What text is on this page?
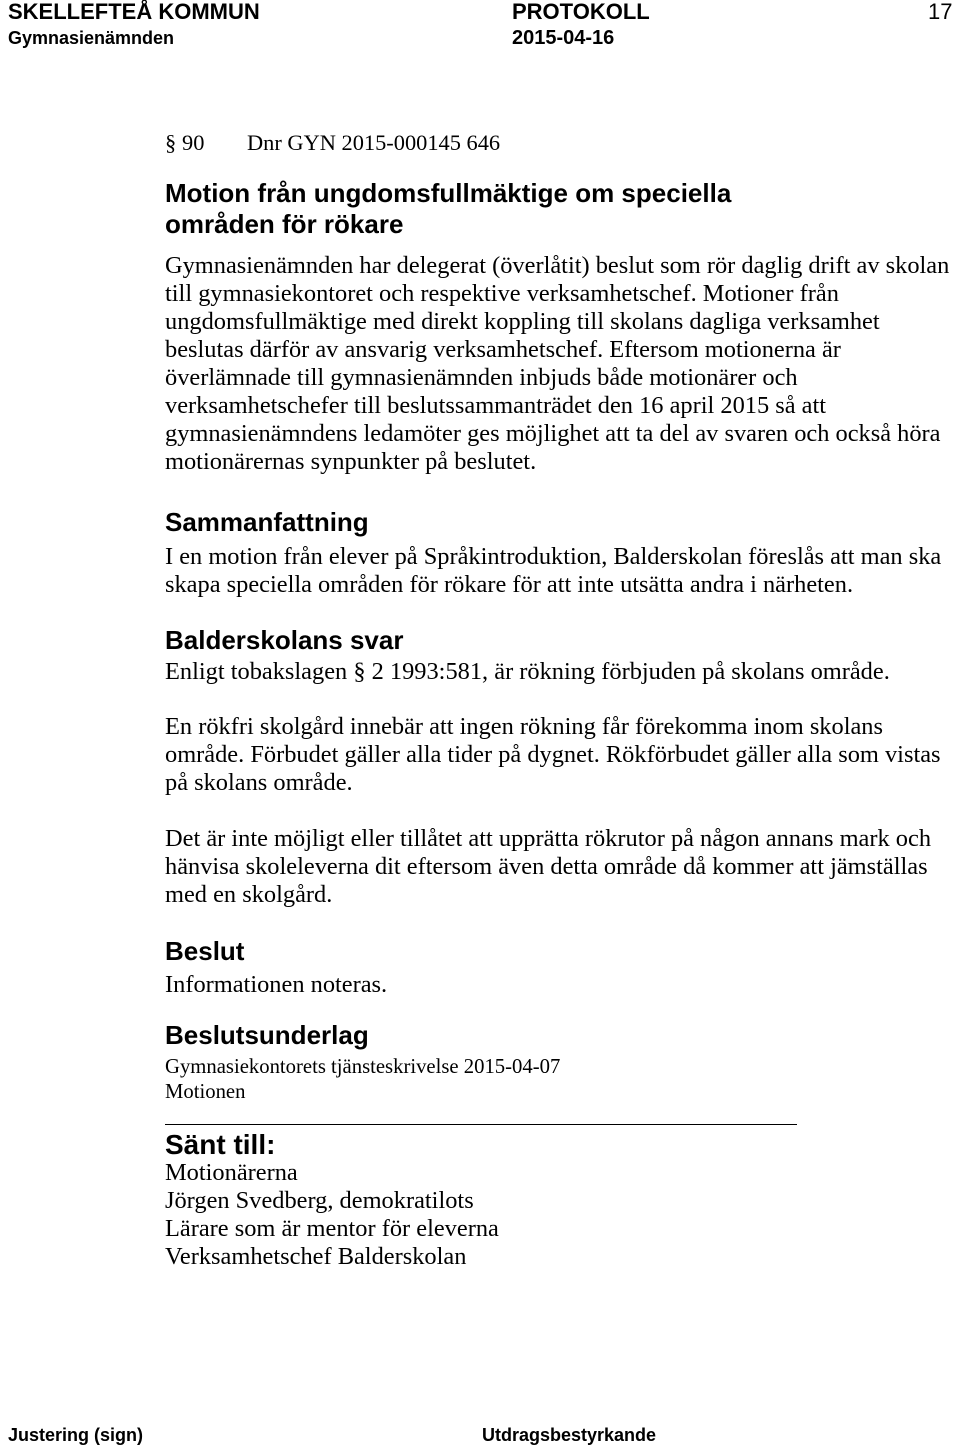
SKELLEFTEÅ KOMMUN	PROTOKOLL	17
Gymnasienämnden	2015-04-16
§ 90 Dnr GYN 2015-000145 646
Motion från ungdomsfullmäktige om speciella
områden för rökare
Gymnasienämnden har delegerat (överlåtit) beslut som rör daglig drift av skolan
till gymnasiekontoret och respektive verksamhetschef. Motioner från
ungdomsfullmäktige med direkt koppling till skolans dagliga verksamhet
beslutas därför av ansvarig verksamhetschef. Eftersom motionerna är
överlämnade till gymnasienämnden inbjuds både motionärer och
verksamhetschefer till beslutssammanträdet den 16 april 2015 så att
gymnasienämndens ledamöter ges möjlighet att ta del av svaren och också höra
motionärernas synpunkter på beslutet.
Sammanfattning
I en motion från elever på Språkintroduktion, Balderskolan föreslås att man ska
skapa speciella områden för rökare för att inte utsätta andra i närheten.
Balderskolans svar
Enligt tobakslagen § 2 1993:581, är rökning förbjuden på skolans område.
En rökfri skolgård innebär att ingen rökning får förekomma inom skolans
område. Förbudet gäller alla tider på dygnet. Rökförbudet gäller alla som vistas
på skolans område.
Det är inte möjligt eller tillåtet att upprätta rökrutor på någon annans mark och
hänvisa skoleleverna dit eftersom även detta område då kommer att jämställas
med en skolgård.
Beslut
Informationen noteras.
Beslutsunderlag
Gymnasiekontorets tjänsteskrivelse 2015-04-07
Motionen
Sänt till:
Motionärerna
Jörgen Svedberg, demokratilots
Lärare som är mentor för eleverna
Verksamhetschef Balderskolan
Justering (sign)	Utdragsbestyrkande
